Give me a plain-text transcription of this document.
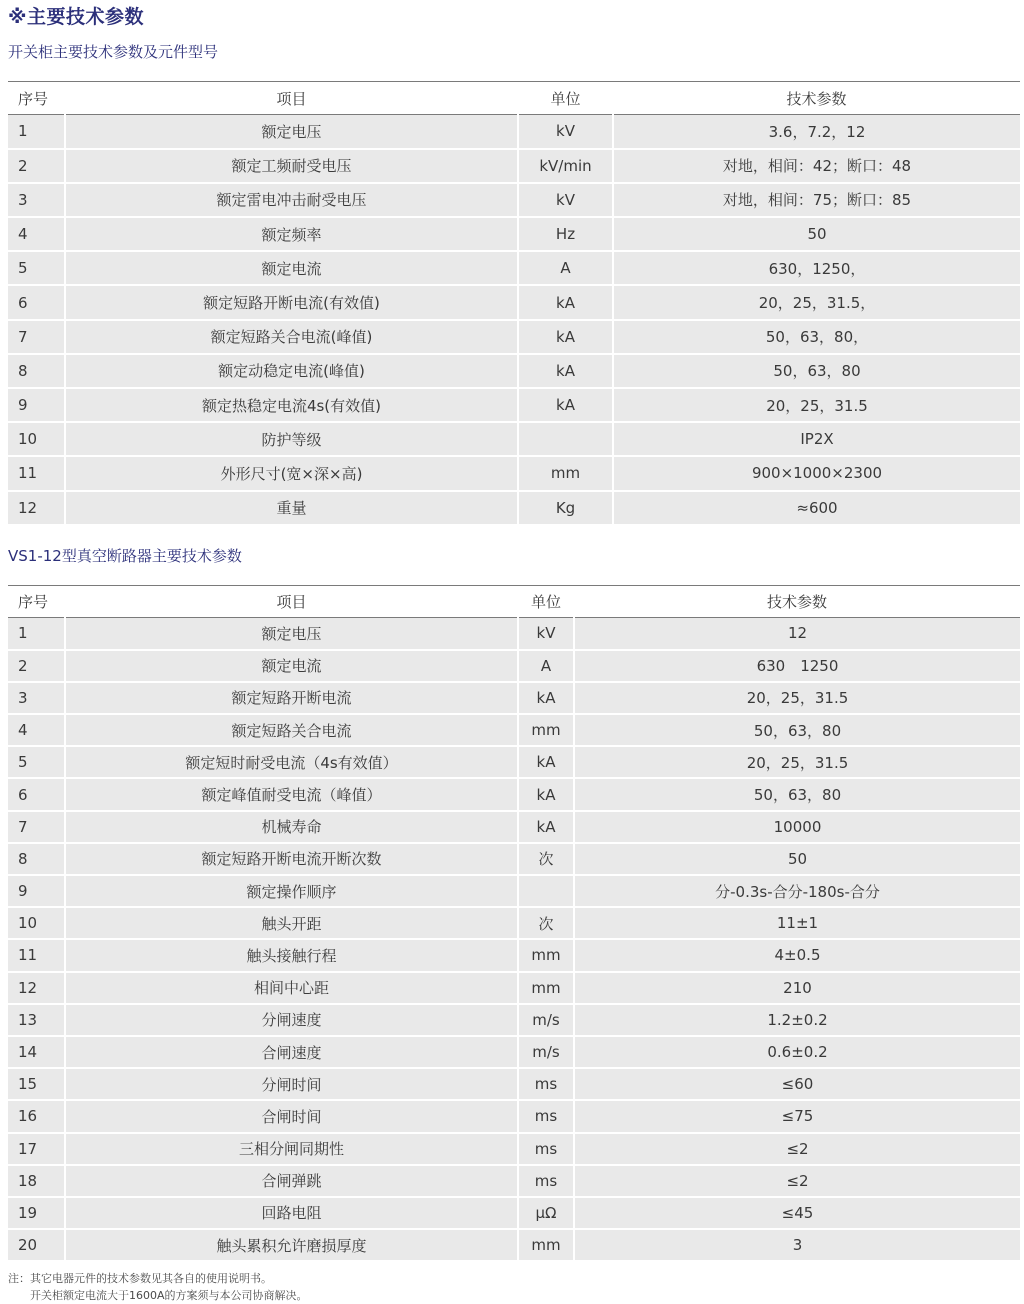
※主要技术参数
开关柜主要技术参数及元件型号
序号	项目	单位	技术参数
1	额定电压	kV	3.6，7.2，12
2	额定工频耐受电压	kV/min	对地，相间：42；断口：48
3	额定雷电冲击耐受电压	kV	对地，相间：75；断口：85
4	额定频率	Hz	50
5	额定电流	A	630，1250，
6	额定短路开断电流(有效值)	kA	20，25，31.5，
7	额定短路关合电流(峰值)	kA	50，63，80，
8	额定动稳定电流(峰值)	kA	50，63，80
9	额定热稳定电流4s(有效值)	kA	20，25，31.5
10	防护等级		IP2X
11	外形尺寸(宽×深×高)	mm	900×1000×2300
12	重量	Kg	≈600
VS1-12型真空断路器主要技术参数
序号	项目	单位	技术参数
1	额定电压	kV	12
2	额定电流	A	630　1250
3	额定短路开断电流	kA	20，25，31.5
4	额定短路关合电流	mm	50，63，80
5	额定短时耐受电流（4s有效值）	kA	20，25，31.5
6	额定峰值耐受电流（峰值）	kA	50，63，80
7	机械寿命	kA	10000
8	额定短路开断电流开断次数	次	50
9	额定操作顺序		分-0.3s-合分-180s-合分
10	触头开距	次	11±1
11	触头接触行程	mm	4±0.5
12	相间中心距	mm	210
13	分闸速度	m/s	1.2±0.2
14	合闸速度	m/s	0.6±0.2
15	分闸时间	ms	≤60
16	合闸时间	ms	≤75
17	三相分闸同期性	ms	≤2
18	合闸弹跳	ms	≤2
19	回路电阻	μΩ	≤45
20	触头累积允许磨损厚度	mm	3
注：其它电器元件的技术参数见其各自的使用说明书。
开关柜额定电流大于1600A的方案须与本公司协商解决。
